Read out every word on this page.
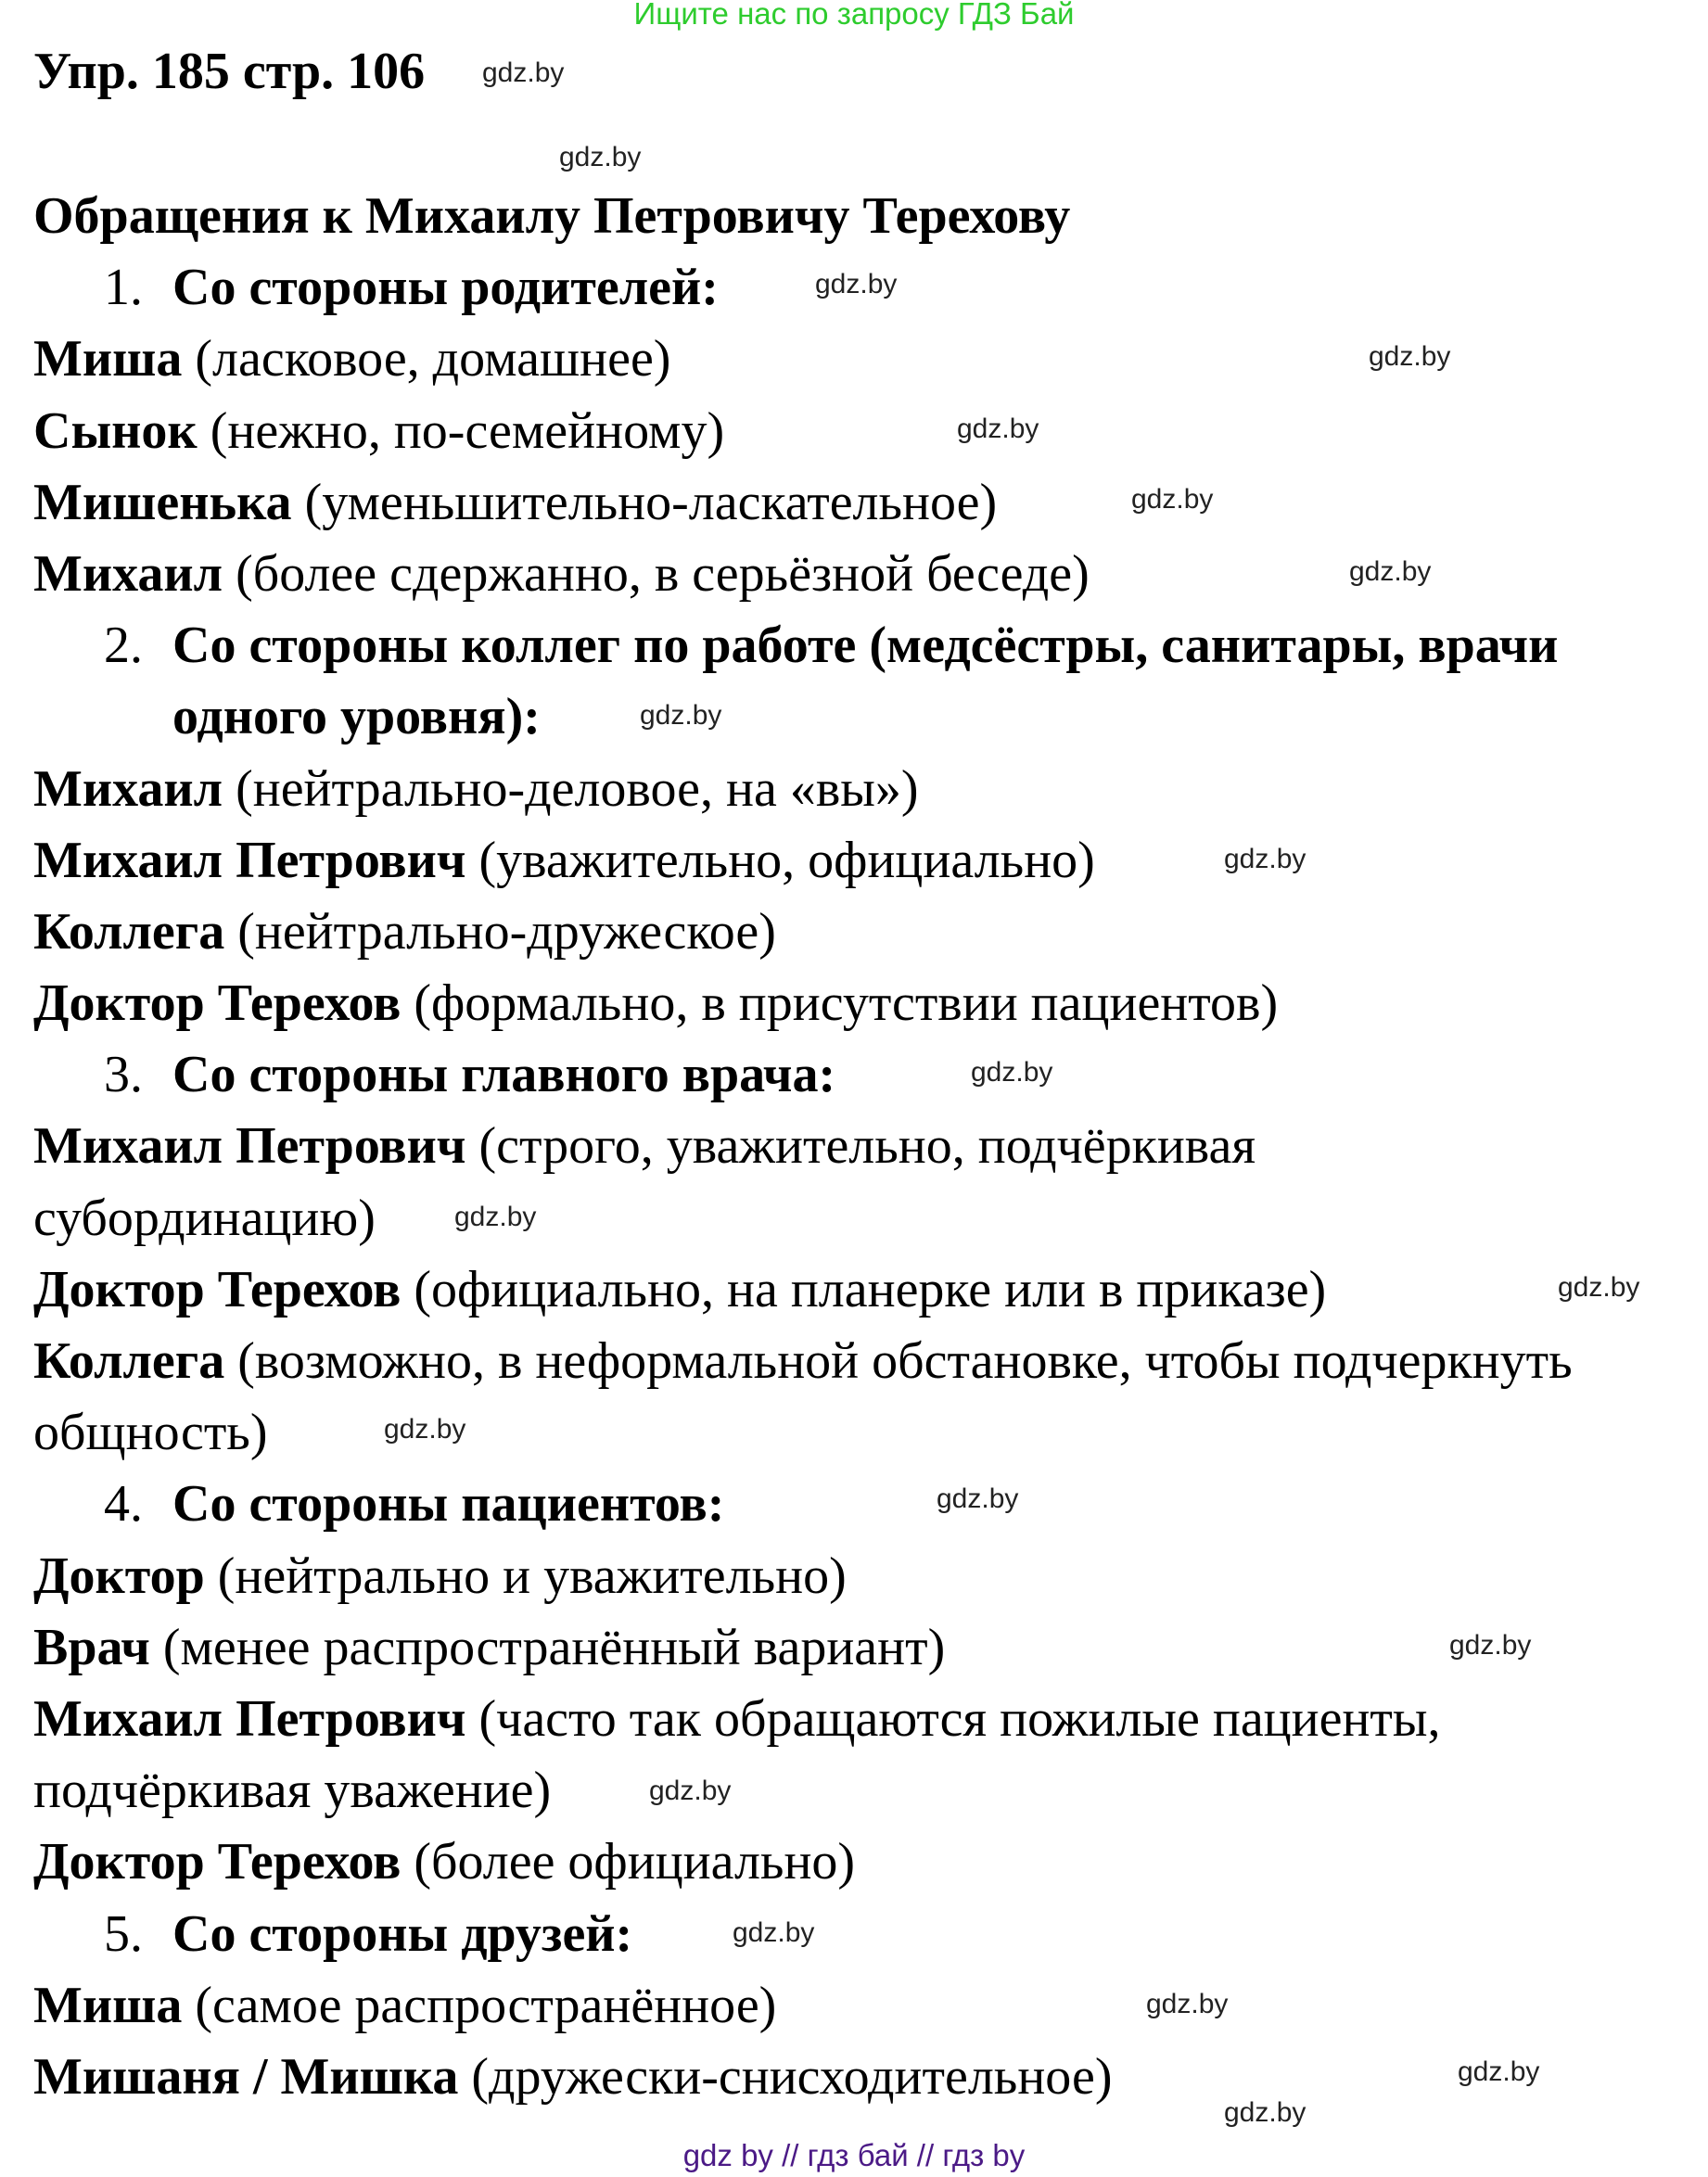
Ищите нас по запросу ГДЗ Бай
Упр. 185 стр. 106
Обращения к Михаилу Петровичу Терехову
1. Со стороны родителей:
Миша (ласковое, домашнее)
Сынок (нежно, по-семейному)
Мишенька (уменьшительно-ласкательное)
Михаил (более сдержанно, в серьёзной беседе)
2. Со стороны коллег по работе (медсёстры, санитары, врачи
одного уровня):
Михаил (нейтрально-деловое, на «вы»)
Михаил Петрович (уважительно, официально)
Коллега (нейтрально-дружеское)
Доктор Терехов (формально, в присутствии пациентов)
3. Со стороны главного врача:
Михаил Петрович (строго, уважительно, подчёркивая
субординацию)
Доктор Терехов (официально, на планерке или в приказе)
Коллега (возможно, в неформальной обстановке, чтобы подчеркнуть
общность)
4. Со стороны пациентов:
Доктор (нейтрально и уважительно)
Врач (менее распространённый вариант)
Михаил Петрович (часто так обращаются пожилые пациенты,
подчёркивая уважение)
Доктор Терехов (более официально)
5. Со стороны друзей:
Миша (самое распространённое)
Мишаня / Мишка (дружески-снисходительное)
gdz.by
gdz.by
gdz.by
gdz.by
gdz.by
gdz.by
gdz.by
gdz.by
gdz.by
gdz.by
gdz.by
gdz.by
gdz.by
gdz.by
gdz.by
gdz.by
gdz.by
gdz.by
gdz.by
gdz.by
gdz by // гдз бай // гдз by
